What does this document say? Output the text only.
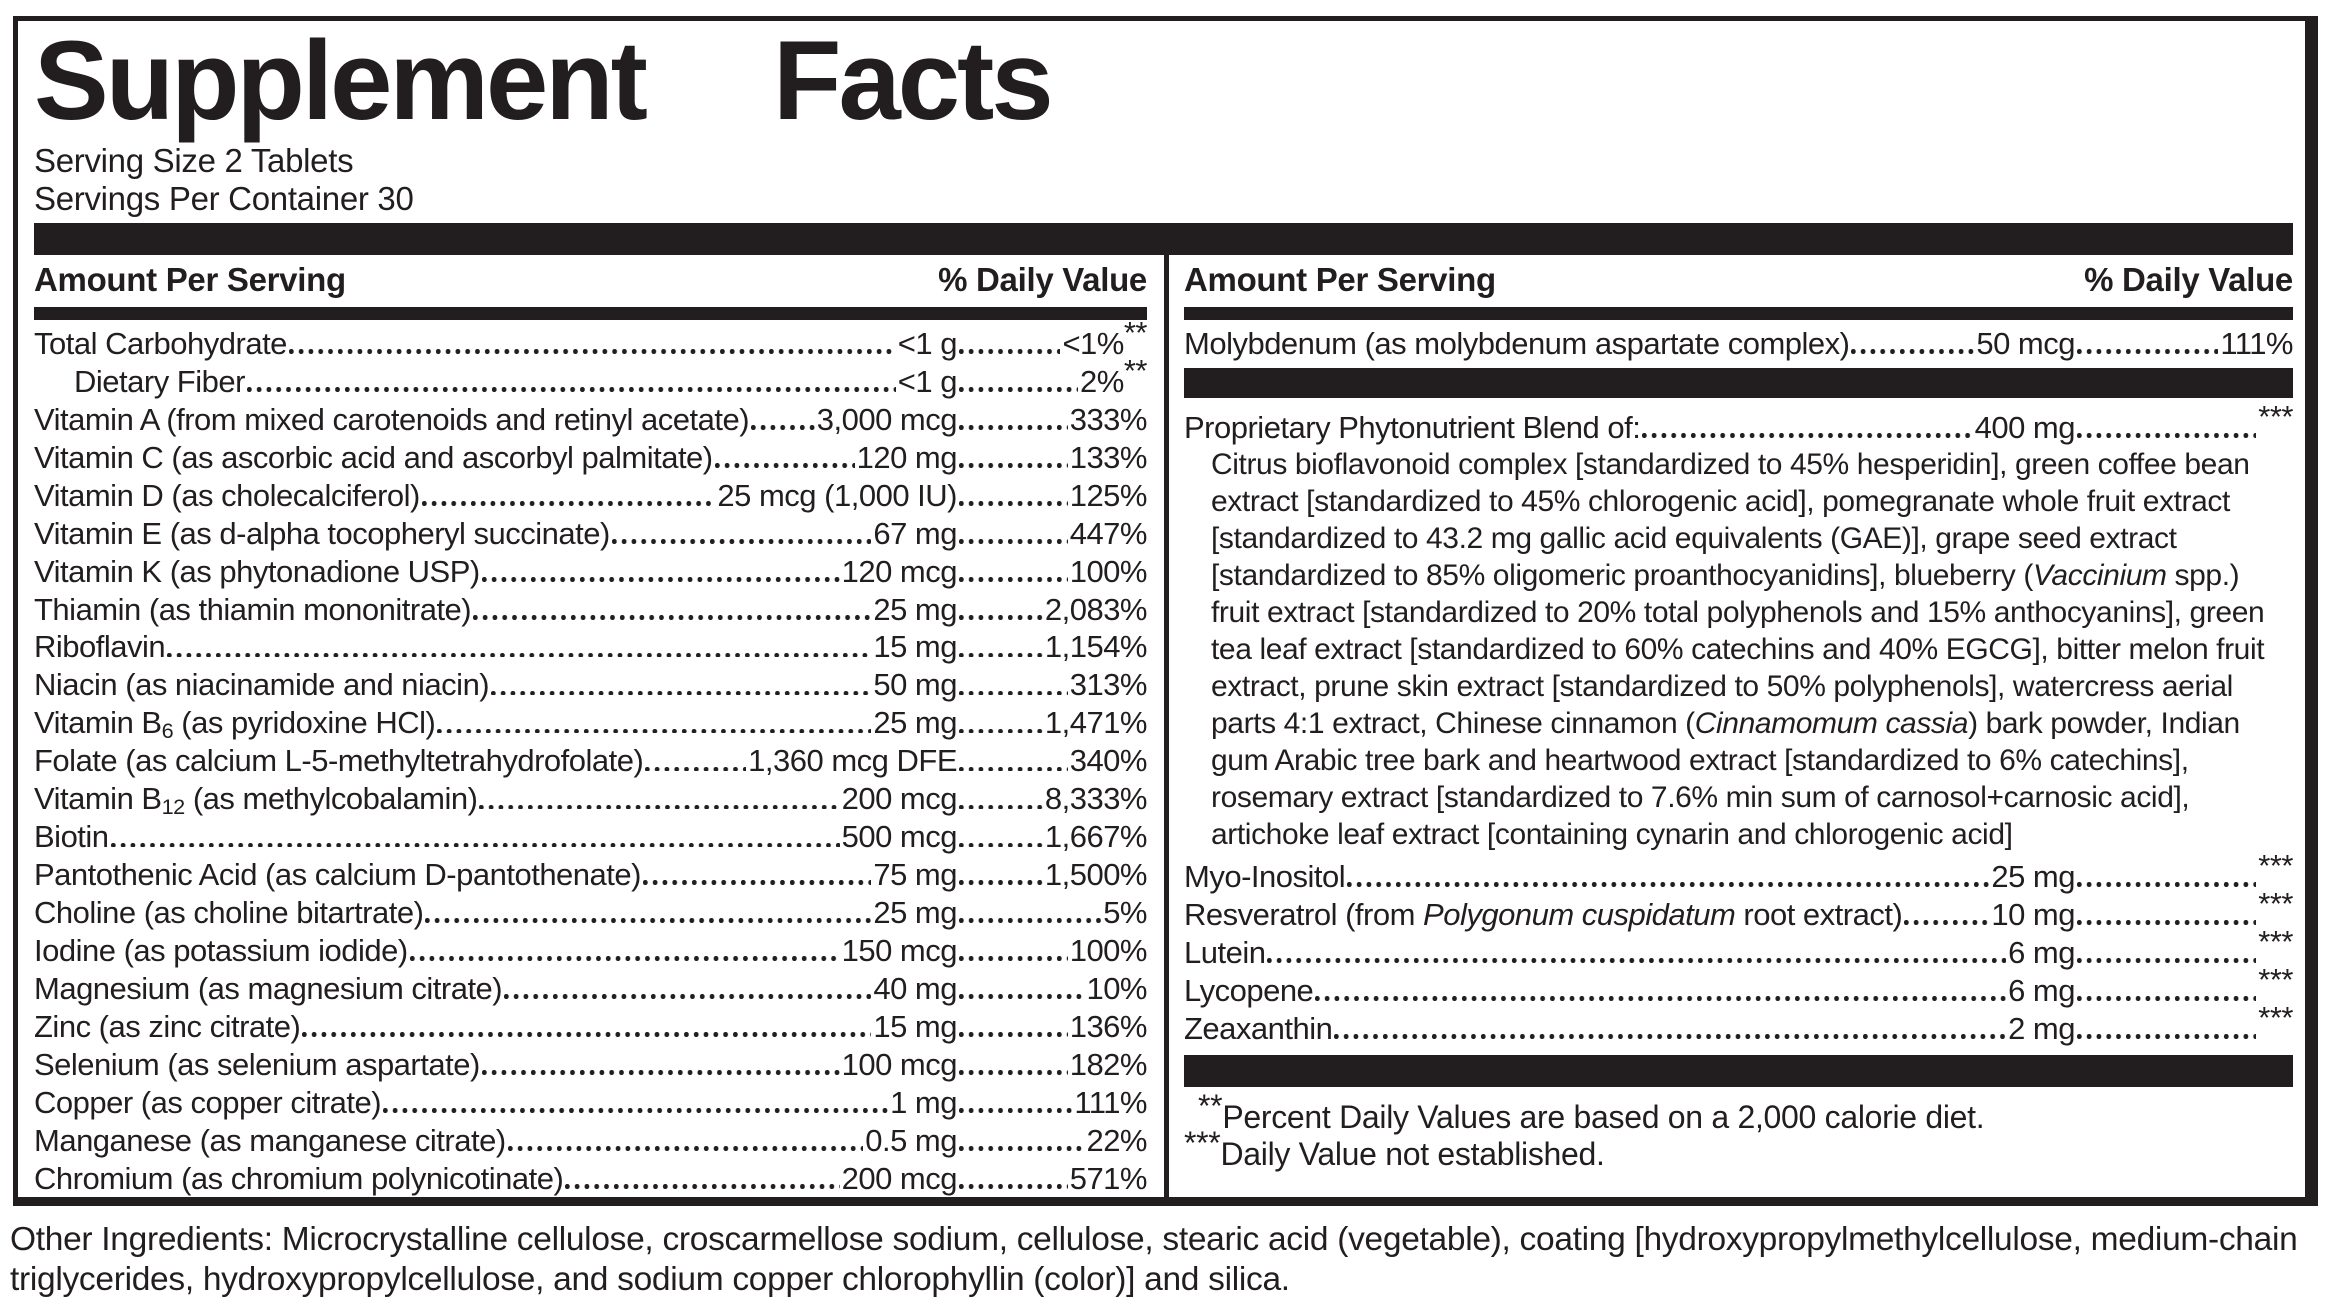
Supplement Facts
Serving Size 2 Tablets
Servings Per Container 30
Amount Per Serving	% Daily Value
Total Carbohydrate	<1 g	<1%**
Dietary Fiber	<1 g	2%**
Vitamin A (from mixed carotenoids and retinyl acetate) 3,000 mcg	333%
Vitamin C (as ascorbic acid and ascorbyl palmitate)	120 mg	133%
Vitamin D (as cholecalciferol)	25 mcg (1,000 IU)	125%
Vitamin E (as d-alpha tocopheryl succinate)	67 mg	447%
Vitamin K (as phytonadione USP)	120 mcg	100%
Thiamin (as thiamin mononitrate)	25 mg	2,083%
Riboflavin	15 mg	1,154%
Niacin (as niacinamide and niacin)	50 mg	313%
Vitamin B6 (as pyridoxine HCl)	25 mg	1,471%
Folate (as calcium L-5-methyltetrahydrofolate)	1,360 mcg DFE	340%
Vitamin B12 (as methylcobalamin)	200 mcg	8,333%
Biotin	500 mcg	1,667%
Pantothenic Acid (as calcium D-pantothenate)	75 mg	1,500%
Choline (as choline bitartrate)	25 mg	5%
Iodine (as potassium iodide)	150 mcg	100%
Magnesium (as magnesium citrate)	40 mg	10%
Zinc (as zinc citrate)	15 mg	136%
Selenium (as selenium aspartate)	100 mcg	182%
Copper (as copper citrate)	1 mg	111%
Manganese (as manganese citrate)	0.5 mg	22%
Chromium (as chromium polynicotinate)	200 mcg	571%
Amount Per Serving	% Daily Value
Molybdenum (as molybdenum aspartate complex)	50 mcg	111%
Proprietary Phytonutrient Blend of:	400 mg	***
Citrus bioflavonoid complex [standardized to 45% hesperidin], green coffee bean extract [standardized to 45% chlorogenic acid], pomegranate whole fruit extract [standardized to 43.2 mg gallic acid equivalents (GAE)], grape seed extract [standardized to 85% oligomeric proanthocyanidins], blueberry (Vaccinium spp.) fruit extract [standardized to 20% total polyphenols and 15% anthocyanins], green tea leaf extract [standardized to 60% catechins and 40% EGCG], bitter melon fruit extract, prune skin extract [standardized to 50% polyphenols], watercress aerial parts 4:1 extract, Chinese cinnamon (Cinnamomum cassia) bark powder, Indian gum Arabic tree bark and heartwood extract [standardized to 6% catechins], rosemary extract [standardized to 7.6% min sum of carnosol+carnosic acid], artichoke leaf extract [containing cynarin and chlorogenic acid]
Myo-Inositol	25 mg	***
Resveratrol (from Polygonum cuspidatum root extract)	10 mg	***
Lutein	6 mg	***
Lycopene	6 mg	***
Zeaxanthin	2 mg	***
**Percent Daily Values are based on a 2,000 calorie diet.
***Daily Value not established.
Other Ingredients: Microcrystalline cellulose, croscarmellose sodium, cellulose, stearic acid (vegetable), coating [hydroxypropylmethylcellulose, medium-chain triglycerides, hydroxypropylcellulose, and sodium copper chlorophyllin (color)] and silica.
